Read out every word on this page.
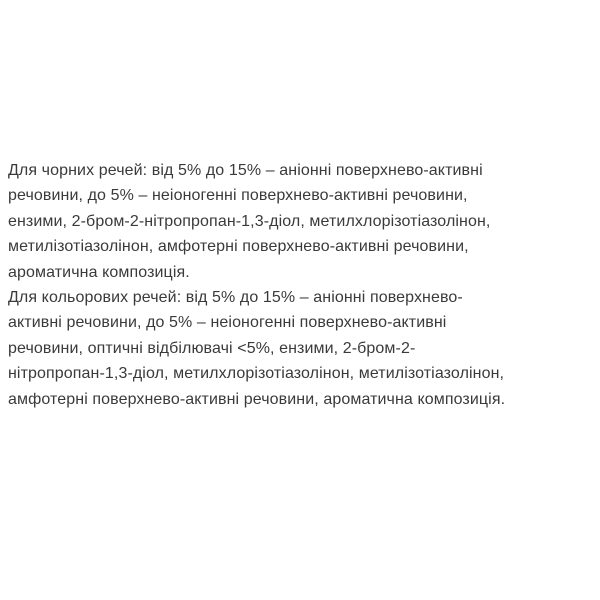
Для чорних речей: від 5% до 15% – аніонні поверхнево-активні
речовини, до 5% – неіоногенні поверхнево-активні речовини,
ензими, 2-бром-2-нітропропан-1,3-діол, метилхлорізотіазолінон,
метилізотіазолінон, амфотерні поверхнево-активні речовини,
ароматична композиція.

Для кольорових речей: від 5% до 15% – аніонні поверхнево-
активні речовини, до 5% – неіоногенні поверхнево-активні
речовини, оптичні відбілювачі <5%, ензими, 2-бром-2-
нітропропан-1,3-діол, метилхлорізотіазолінон, метилізотіазолінон,
амфотерні поверхнево-активні речовини, ароматична композиція.
